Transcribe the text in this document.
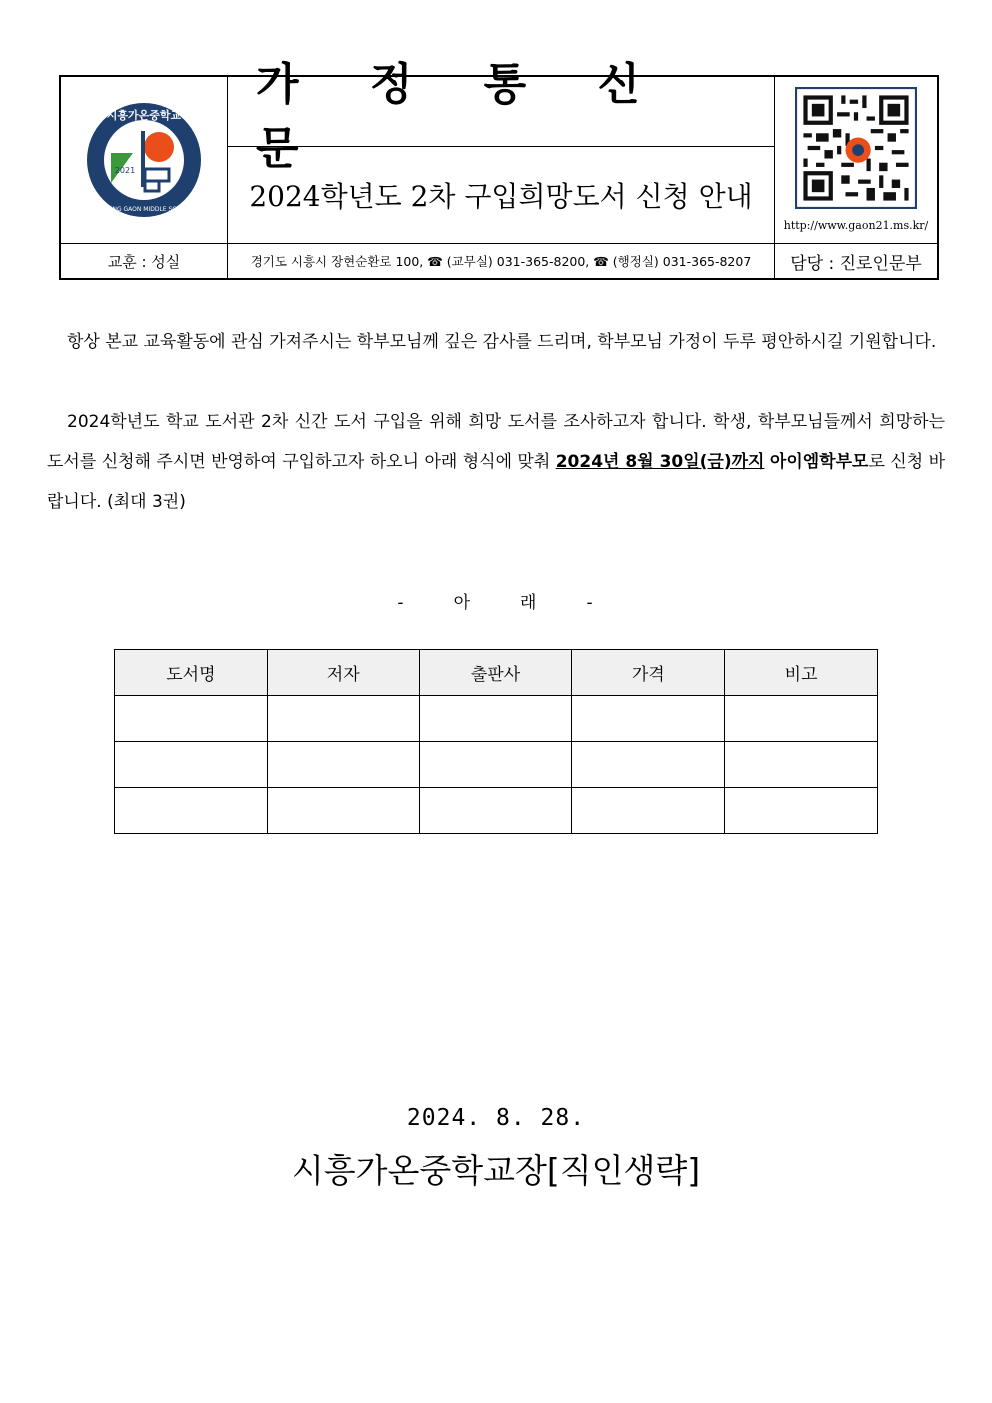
시흥가온중학교
SIHEUNG GAON MIDDLE SCHOOL
2021
가 정 통 신 문
2024학년도 2차 구입희망도서 신청 안내
http://www.gaon21.ms.kr/
교훈 : 성실	경기도 시흥시 장현순환로 100, ☎ (교무실) 031-365-8200, ☎ (행정실) 031-365-8207	담당 : 진로인문부
항상 본교 교육활동에 관심 가져주시는 학부모님께 깊은 감사를 드리며, 학부모님 가정이 두루 평안하시길 기원합니다.
2024학년도 학교 도서관 2차 신간 도서 구입을 위해 희망 도서를 조사하고자 합니다. 학생, 학부모님들께서 희망하는 도서를 신청해 주시면 반영하여 구입하고자 하오니 아래 형식에 맞춰 2024년 8월 30일(금)까지 아이엠학부모로 신청 바랍니다. (최대 3권)
-	아	래	-
도서명	저자	출판사	가격	비고

2024. 8. 28.
시흥가온중학교장[직인생략]
